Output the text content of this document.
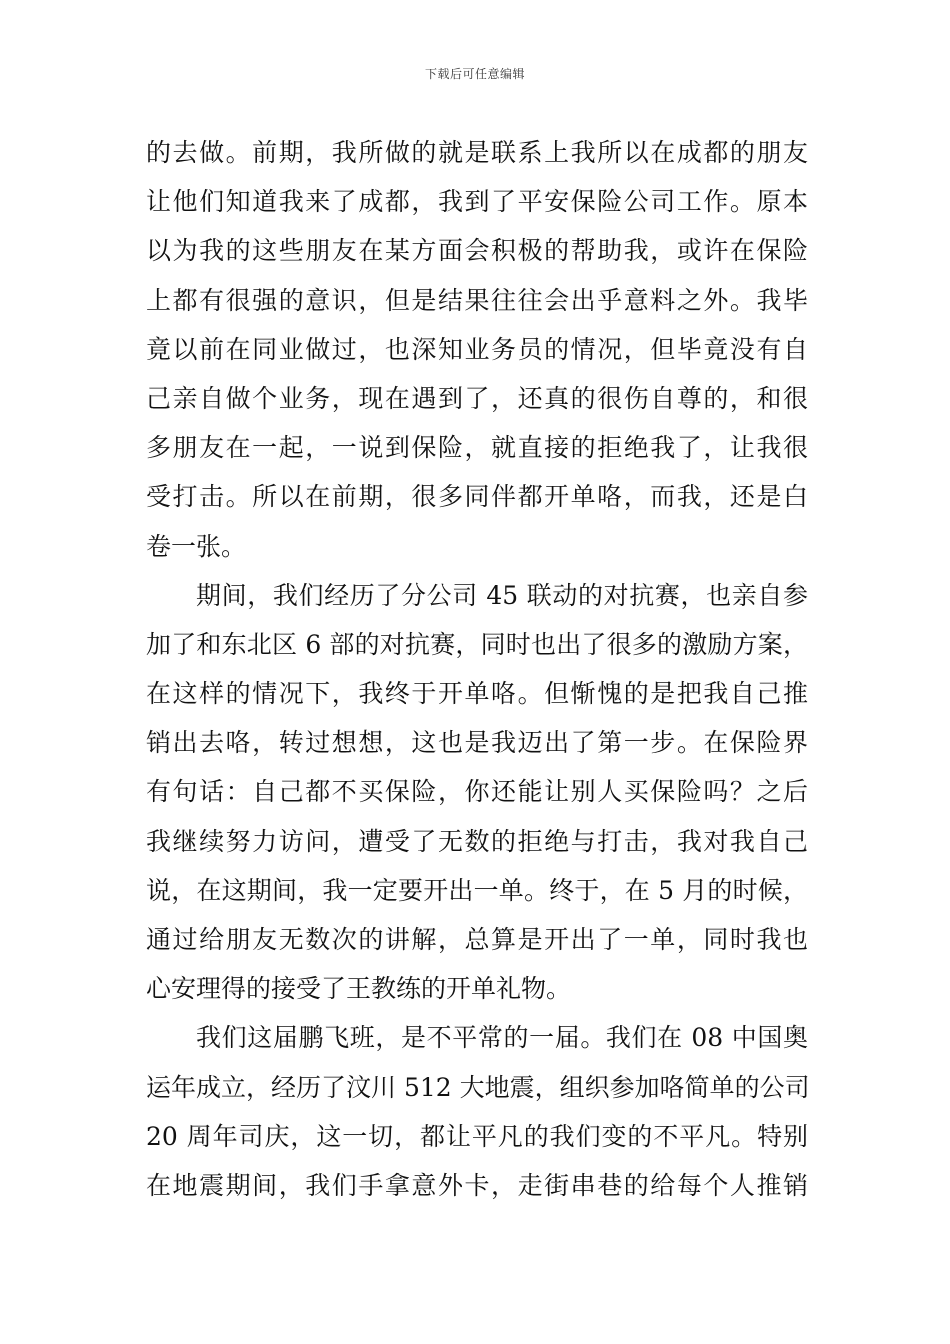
下载后可任意编辑
的去做。前期，我所做的就是联系上我所以在成都的朋友
让他们知道我来了成都，我到了平安保险公司工作。原本
以为我的这些朋友在某方面会积极的帮助我，或许在保险
上都有很强的意识，但是结果往往会出乎意料之外。我毕
竟以前在同业做过，也深知业务员的情况，但毕竟没有自
己亲自做个业务，现在遇到了，还真的很伤自尊的，和很
多朋友在一起，一说到保险，就直接的拒绝我了，让我很
受打击。所以在前期，很多同伴都开单咯，而我，还是白
卷一张。
期间，我们经历了分公司 45 联动的对抗赛，也亲自参
加了和东北区 6 部的对抗赛，同时也出了很多的激励方案，
在这样的情况下，我终于开单咯。但惭愧的是把我自己推
销出去咯，转过想想，这也是我迈出了第一步。在保险界
有句话：自己都不买保险，你还能让别人买保险吗？之后
我继续努力访问，遭受了无数的拒绝与打击，我对我自己
说，在这期间，我一定要开出一单。终于，在 5 月的时候，
通过给朋友无数次的讲解，总算是开出了一单，同时我也
心安理得的接受了王教练的开单礼物。
我们这届鹏飞班，是不平常的一届。我们在 08 中国奥
运年成立，经历了汶川 512 大地震，组织参加咯简单的公司
20 周年司庆，这一切，都让平凡的我们变的不平凡。特别
在地震期间，我们手拿意外卡，走街串巷的给每个人推销
